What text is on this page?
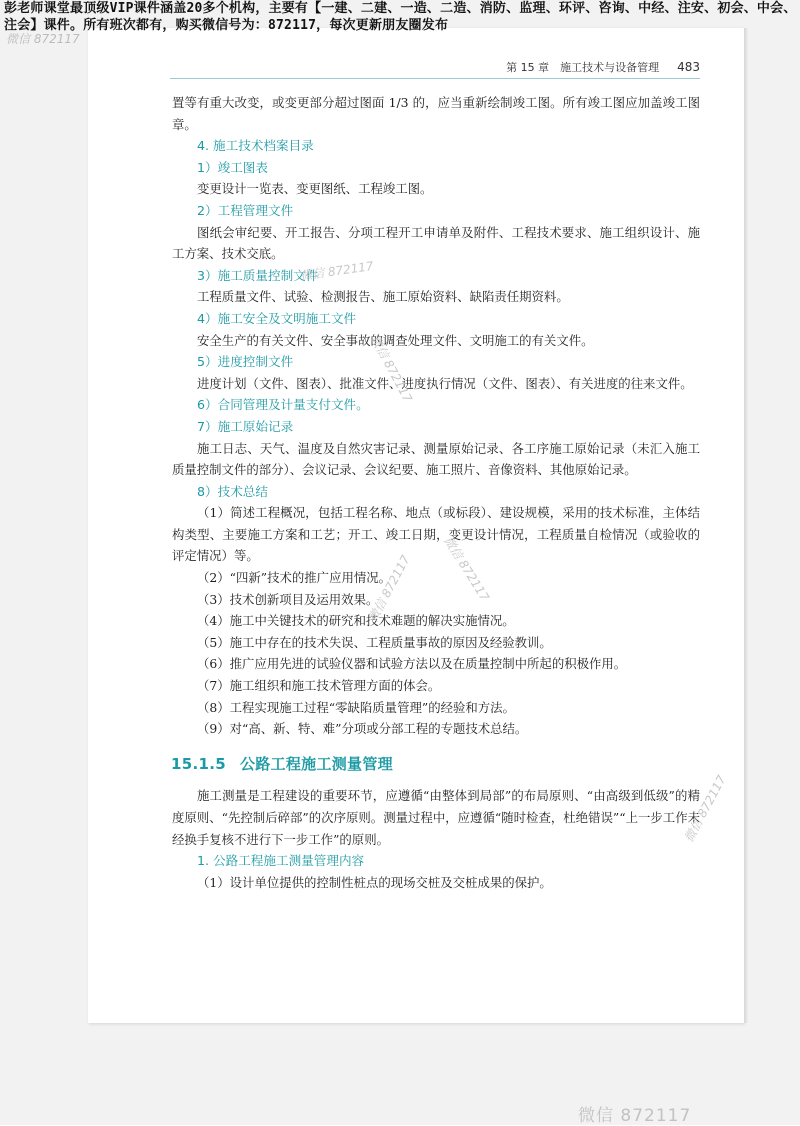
彭老师课堂最顶级VIP课件涵盖20多个机构，主要有【一建、二建、一造、二造、消防、监理、环评、咨询、中经、注安、初会、中会、注会】课件。所有班次都有，购买微信号为：872117，每次更新朋友圈发布
微信 872117
第 15 章　施工技术与设备管理 483

置等有重大改变，或变更部分超过图面 1/3 的，应当重新绘制竣工图。所有竣工图应加盖竣工图章。

4. 施工技术档案目录

1）竣工图表

变更设计一览表、变更图纸、工程竣工图。

2）工程管理文件

图纸会审纪要、开工报告、分项工程开工申请单及附件、工程技术要求、施工组织设计、施工方案、技术交底。

3）施工质量控制文件

工程质量文件、试验、检测报告、施工原始资料、缺陷责任期资料。

4）施工安全及文明施工文件

安全生产的有关文件、安全事故的调查处理文件、文明施工的有关文件。

5）进度控制文件

进度计划（文件、图表）、批准文件、进度执行情况（文件、图表）、有关进度的往来文件。

6）合同管理及计量支付文件。

7）施工原始记录

施工日志、天气、温度及自然灾害记录、测量原始记录、各工序施工原始记录（未汇入施工质量控制文件的部分）、会议记录、会议纪要、施工照片、音像资料、其他原始记录。

8）技术总结

（1）简述工程概况，包括工程名称、地点（或标段）、建设规模，采用的技术标准，主体结构类型、主要施工方案和工艺；开工、竣工日期，变更设计情况，工程质量自检情况（或验收的评定情况）等。

（2）“四新”技术的推广应用情况。

（3）技术创新项目及运用效果。

（4）施工中关键技术的研究和技术难题的解决实施情况。

（5）施工中存在的技术失误、工程质量事故的原因及经验教训。

（6）推广应用先进的试验仪器和试验方法以及在质量控制中所起的积极作用。

（7）施工组织和施工技术管理方面的体会。

（8）工程实现施工过程“零缺陷质量管理”的经验和方法。

（9）对“高、新、特、难”分项或分部工程的专题技术总结。

15.1.5 公路工程施工测量管理

施工测量是工程建设的重要环节，应遵循“由整体到局部”的布局原则、“由高级到低级”的精度原则、“先控制后碎部”的次序原则。测量过程中，应遵循“随时检查，杜绝错误”“上一步工作未经换手复核不进行下一步工作”的原则。

1. 公路工程施工测量管理内容

（1）设计单位提供的控制性桩点的现场交桩及交桩成果的保护。

微信 872117
微信 872117
微信 872117
微信 872117
微信 872117
微信 872117
